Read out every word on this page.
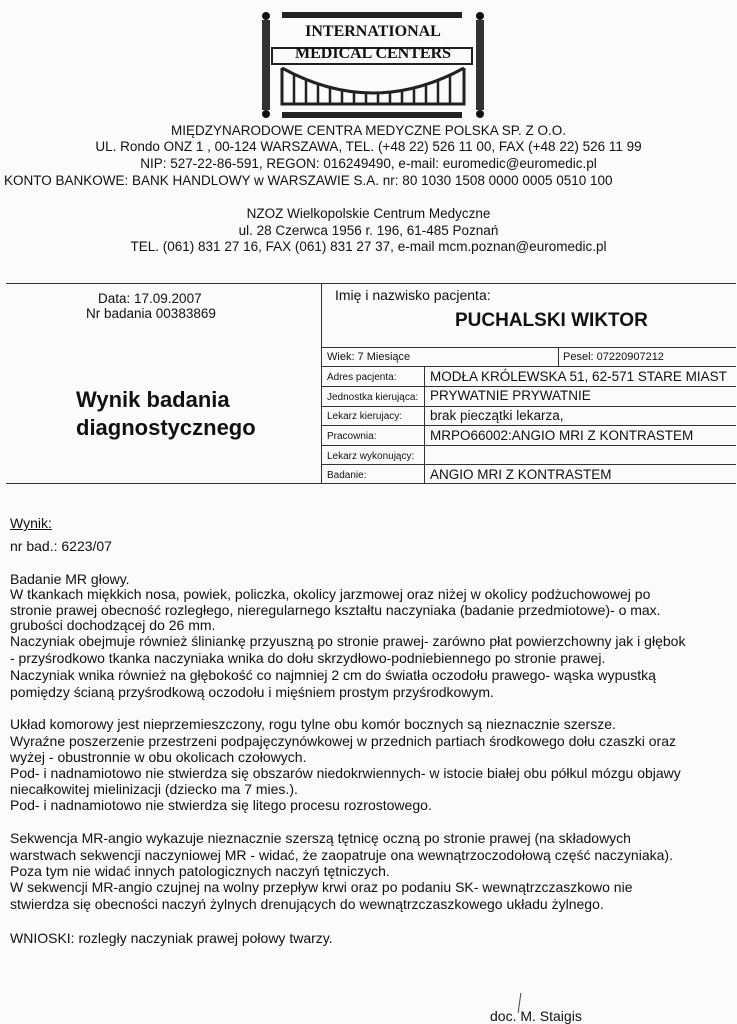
INTERNATIONAL
MEDICAL CENTERS
MIĘDZYNARODOWE CENTRA MEDYCZNE POLSKA SP. Z O.O.
UL. Rondo ONZ 1 , 00-124 WARSZAWA, TEL. (+48 22) 526 11 00, FAX (+48 22) 526 11 99
NIP: 527-22-86-591, REGON: 016249490, e-mail: euromedic@euromedic.pl
KONTO BANKOWE: BANK HANDLOWY w WARSZAWIE S.A. nr: 80 1030 1508 0000 0005 0510 100
NZOZ Wielkopolskie Centrum Medyczne
ul. 28 Czerwca 1956 r. 196, 61-485 Poznań
TEL. (061) 831 27 16, FAX (061) 831 27 37, e-mail mcm.poznan@euromedic.pl
Data: 17.09.2007
Nr badania 00383869
Imię i nazwisko pacjenta:
PUCHALSKI WIKTOR
Wynik badania
diagnostycznego
Wiek: 7 Miesiące	Pesel: 07220907212
Adres pacjenta: MODŁA KRÓLEWSKA 51, 62-571 STARE MIAST
Jednostka kierująca: PRYWATNIE PRYWATNIE
Lekarz kierujacy: brak pieczątki lekarza,
Pracownia:	MRPO66002:ANGIO MRI Z KONTRASTEM
Lekarz wykonujący:
Badanie:	ANGIO MRI Z KONTRASTEM
Wynik:
nr bad.: 6223/07
Badanie MR głowy.
W tkankach miękkich nosa, powiek, policzka, okolicy jarzmowej oraz niżej w okolicy podżuchowowej po
stronie prawej obecność rozległego, nieregularnego kształtu naczyniaka (badanie przedmiotowe)- o max.
grubości dochodzącej do 26 mm.
Naczyniak obejmuje również śliniankę przyuszną po stronie prawej- zarówno płat powierzchowny jak i głębok
- przyśrodkowo tkanka naczyniaka wnika do dołu skrzydłowo-podniebiennego po stronie prawej.
Naczyniak wnika również na głębokość co najmniej 2 cm do światła oczodołu prawego- wąska wypustką
pomiędzy ścianą przyśrodkową oczodołu i mięśniem prostym przyśrodkowym.
Układ komorowy jest nieprzemieszczony, rogu tylne obu komór bocznych są nieznacznie szersze.
Wyraźne poszerzenie przestrzeni podpajęczynówkowej w przednich partiach środkowego dołu czaszki oraz
wyżej - obustronnie w obu okolicach czołowych.
Pod- i nadnamiotowo nie stwierdza się obszarów niedokrwiennych- w istocie białej obu półkul mózgu objawy
niecałkowitej mielinizacji (dziecko ma 7 mies.).
Pod- i nadnamiotowo nie stwierdza się litego procesu rozrostowego.
Sekwencja MR-angio wykazuje nieznacznie szerszą tętnicę oczną po stronie prawej (na składowych
warstwach sekwencji naczyniowej MR - widać, że zaopatruje ona wewnątrzoczodołową część naczyniaka).
Poza tym nie widać innych patologicznych naczyń tętniczych.
W sekwencji MR-angio czujnej na wolny przepływ krwi oraz po podaniu SK- wewnątrzczaszkowo nie
stwierdza się obecności naczyń żylnych drenujących do wewnątrzczaszkowego układu żylnego.
WNIOSKI: rozległy naczyniak prawej połowy twarzy.
doc. M. Staigis
